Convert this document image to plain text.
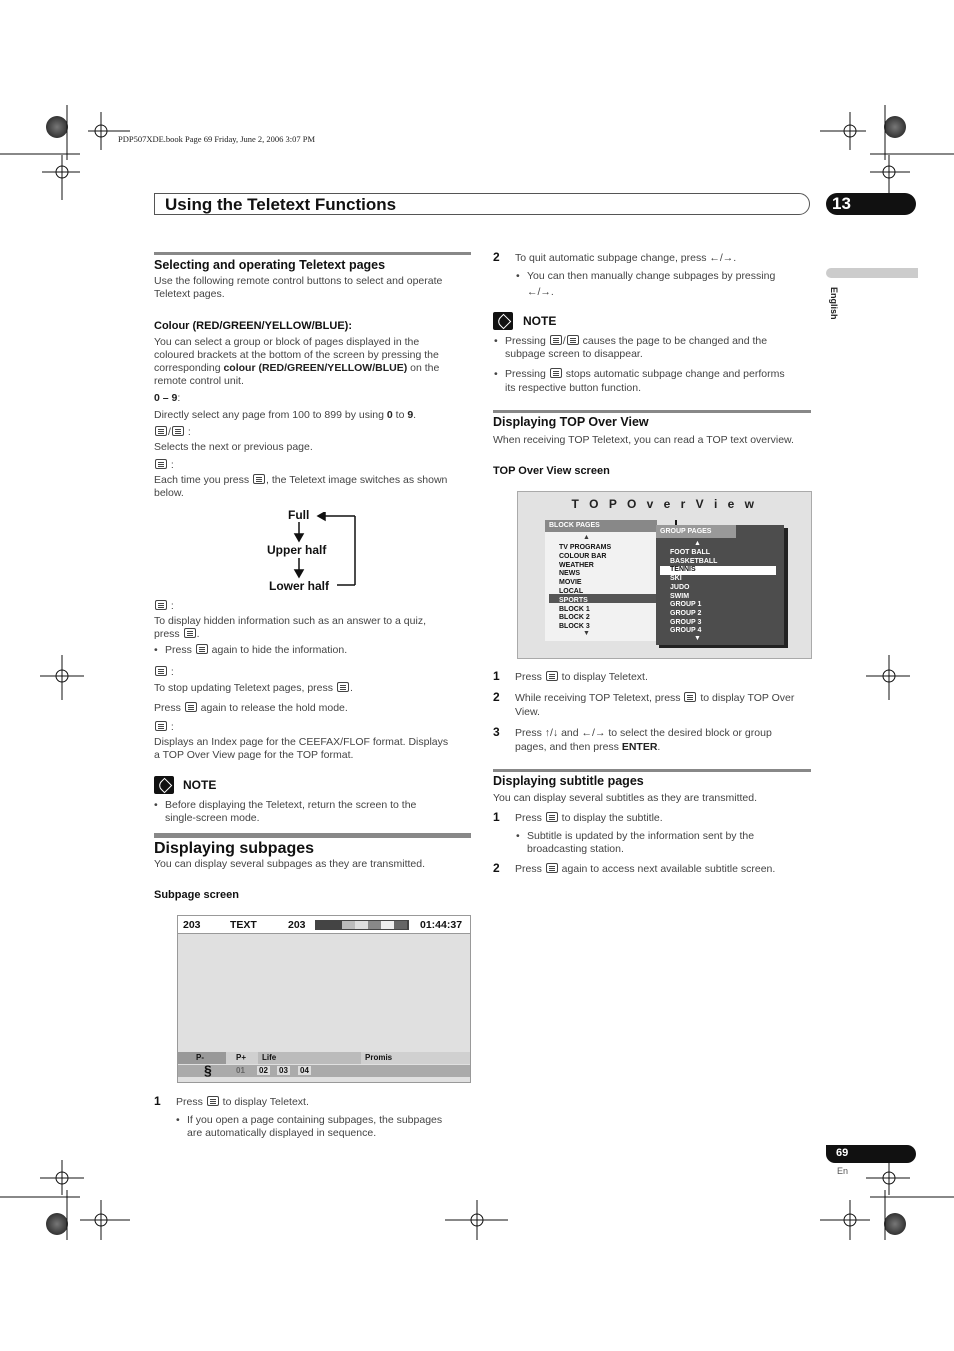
PDP507XDE.book Page 69 Friday, June 2, 2006 3:07 PM
Using the Teletext Functions	13
English
Selecting and operating Teletext pages
Use the following remote control buttons to select and operate
Teletext pages.
Colour (RED/GREEN/YELLOW/BLUE):
You can select a group or block of pages displayed in the
coloured brackets at the bottom of the screen by pressing the
corresponding colour (RED/GREEN/YELLOW/BLUE) on the
remote control unit.
0 – 9:
Directly select any page from 100 to 899 by using 0 to 9.
/ :
Selects the next or previous page.
:
Each time you press , the Teletext image switches as shown
below.
Full
Upper half
Lower half
:
To display hidden information such as an answer to a quiz,
press .
• Press  again to hide the information.
:
To stop updating Teletext pages, press .
Press  again to release the hold mode.
:
Displays an Index page for the CEEFAX/FLOF format. Displays
a TOP Over View page for the TOP format.
NOTE
• Before displaying the Teletext, return the screen to the
single-screen mode.
Displaying subpages
You can display several subpages as they are transmitted.
Subpage screen
203	TEXT	203	01:44:37
P-	P+ Life	Promis
§	01 02 03 04
1 Press  to display Teletext.
• If you open a page containing subpages, the subpages
are automatically displayed in sequence.
2 To quit automatic subpage change, press ←/→.
• You can then manually change subpages by pressing
←/→.
NOTE
• Pressing / causes the page to be changed and the
subpage screen to disappear.
• Pressing  stops automatic subpage change and performs
its respective button function.
Displaying TOP Over View
When receiving TOP Teletext, you can read a TOP text overview.
TOP Over View screen
T O P O v e r V i e w
BLOCK PAGES
▲
TV PROGRAMS
COLOUR BAR
WEATHER
NEWS
MOVIE
LOCAL
SPORTS
BLOCK 1
BLOCK 2
BLOCK 3
▼
GROUP PAGES
▲
FOOT BALL
BASKETBALL
TENNIS
SKI
JUDO
SWIM
GROUP 1
GROUP 2
GROUP 3
GROUP 4
▼
1 Press  to display Teletext.
2 While receiving TOP Teletext, press  to display TOP Over
View.
3 Press ↑/↓ and ←/→ to select the desired block or group
pages, and then press ENTER.
Displaying subtitle pages
You can display several subtitles as they are transmitted.
1 Press  to display the subtitle.
• Subtitle is updated by the information sent by the
broadcasting station.
2 Press  again to access next available subtitle screen.
69
En
